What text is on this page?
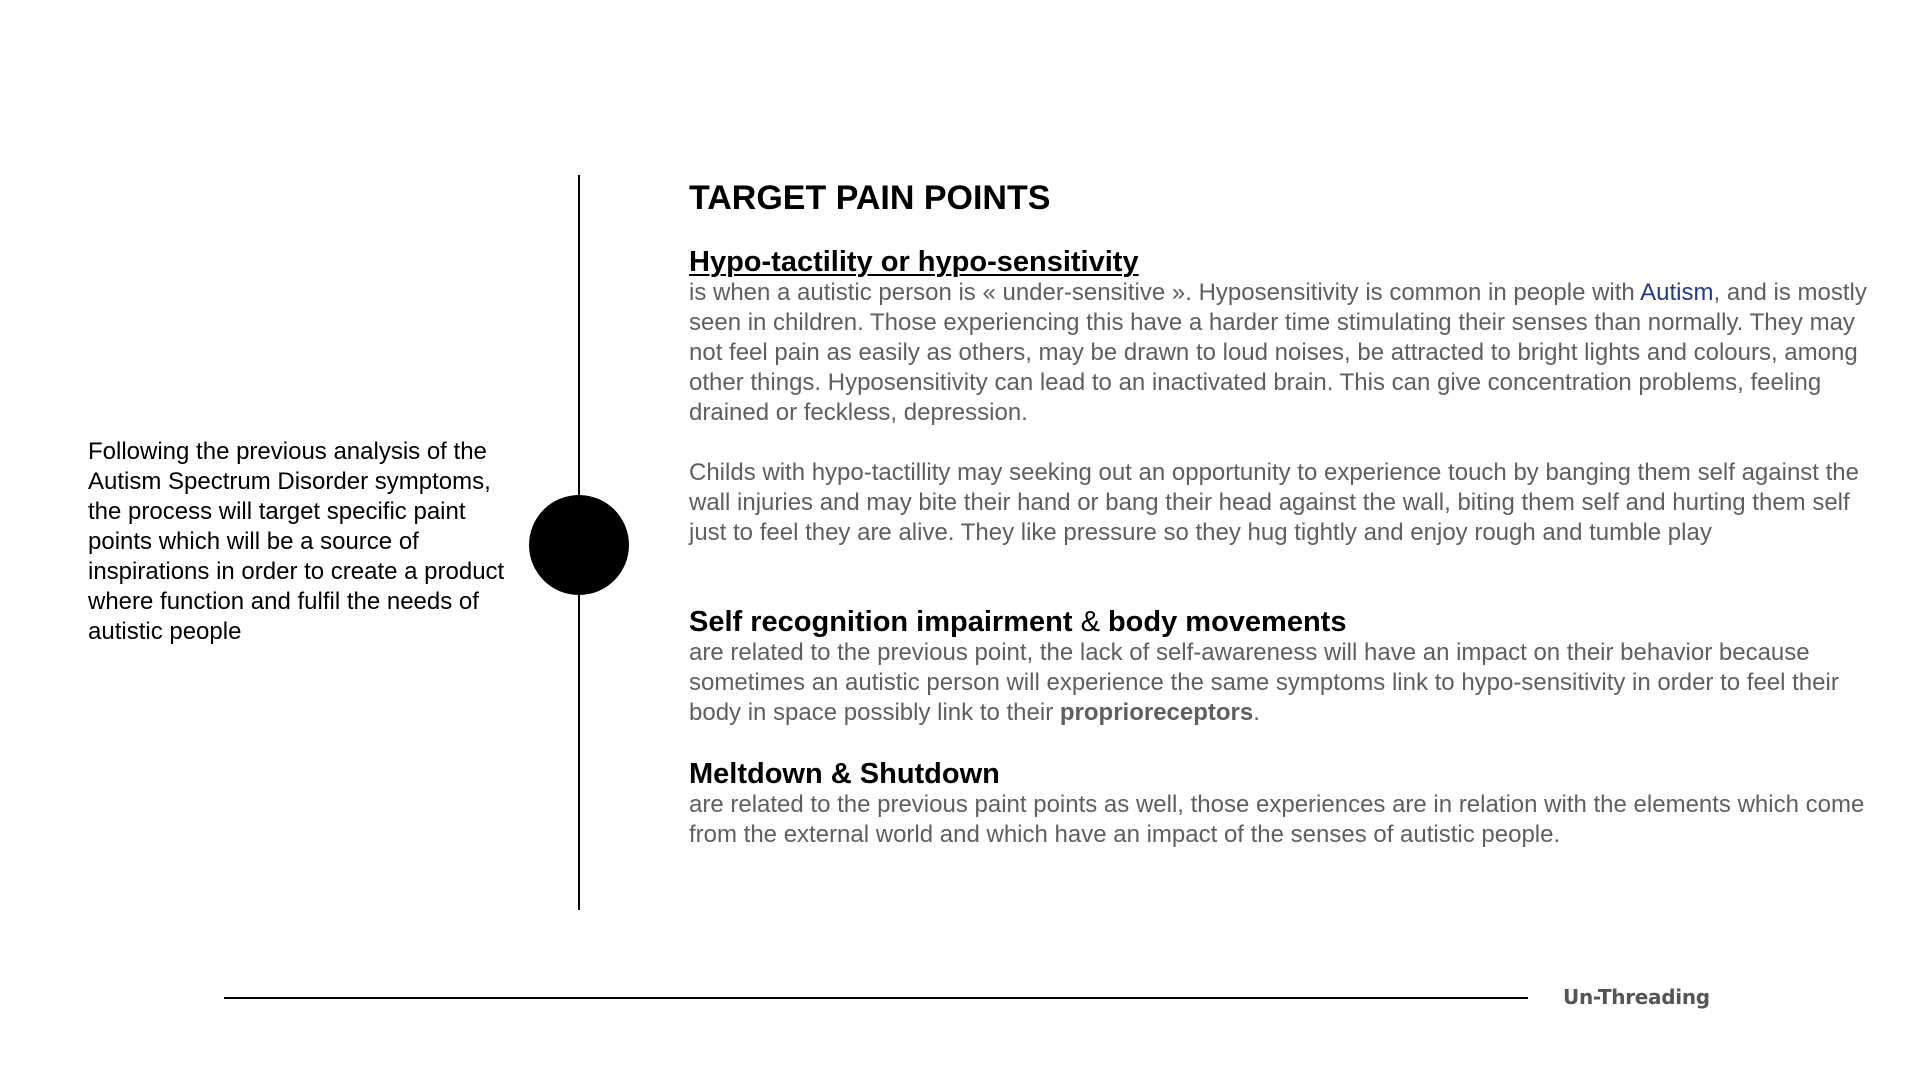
Following the previous analysis of the Autism Spectrum Disorder symptoms, the process will target specific paint points which will be a source of inspirations in order to create a product where function and fulfil the needs of autistic people
TARGET PAIN POINTS
Hypo-tactility or hypo-sensitivity

is when a autistic person is « under-sensitive ». Hyposensitivity is common in people with Autism, and is mostly seen in children. Those experiencing this have a harder time stimulating their senses than normally. They may not feel pain as easily as others, may be drawn to loud noises, be attracted to bright lights and colours, among other things. Hyposensitivity can lead to an inactivated brain. This can give concentration problems, feeling drained or feckless, depression.

Childs with hypo-tactillity may seeking out an opportunity to experience touch by banging them self against the wall injuries and may bite their hand or bang their head against the wall, biting them self and hurting them self just to feel they are alive. They like pressure so they hug tightly and enjoy rough and tumble play

Self recognition impairment & body movements

are related to the previous point, the lack of self-awareness will have an impact on their behavior because sometimes an autistic person will experience the same symptoms link to hypo-sensitivity in order to feel their body in space possibly link to their proprioreceptors.

Meltdown & Shutdown

are related to the previous paint points as well, those experiences are in relation with the elements which come from the external world and which have an impact of the senses of autistic people.

Un-Threading
